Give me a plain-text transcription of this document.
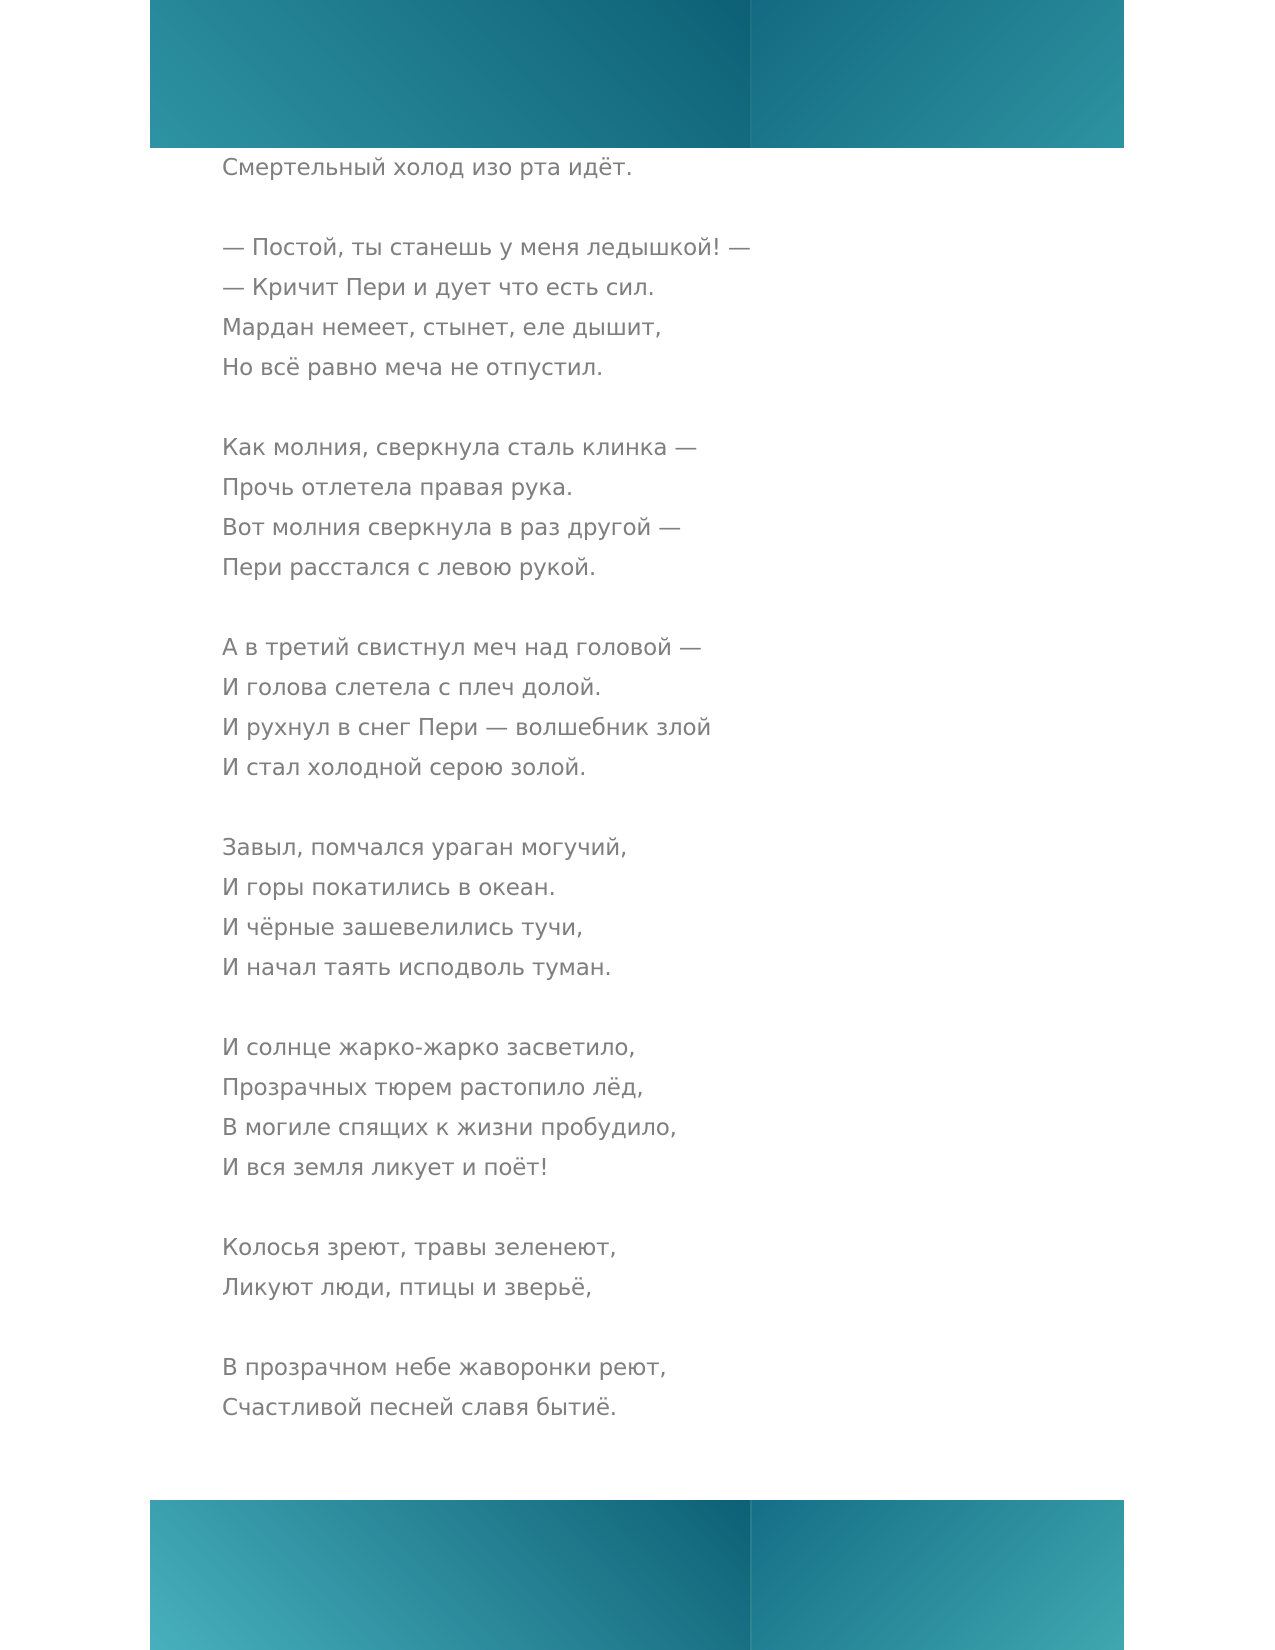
Смертельный холод изо рта идёт.

— Постой, ты станешь у меня ледышкой! —
— Кричит Пери и дует что есть сил.
Мардан немеет, стынет, еле дышит,
Но всё равно меча не отпустил.

Как молния, сверкнула сталь клинка —
Прочь отлетела правая рука.
Вот молния сверкнула в раз другой —
Пери расстался с левою рукой.

А в третий свистнул меч над головой —
И голова слетела с плеч долой.
И рухнул в снег Пери — волшебник злой
И стал холодной серою золой.

Завыл, помчался ураган могучий,
И горы покатились в океан.
И чёрные зашевелились тучи,
И начал таять исподволь туман.

И солнце жарко-жарко засветило,
Прозрачных тюрем растопило лёд,
В могиле спящих к жизни пробудило,
И вся земля ликует и поёт!

Колосья зреют, травы зеленеют,
Ликуют люди, птицы и зверьё,

В прозрачном небе жаворонки реют,
Счастливой песней славя бытиё.
